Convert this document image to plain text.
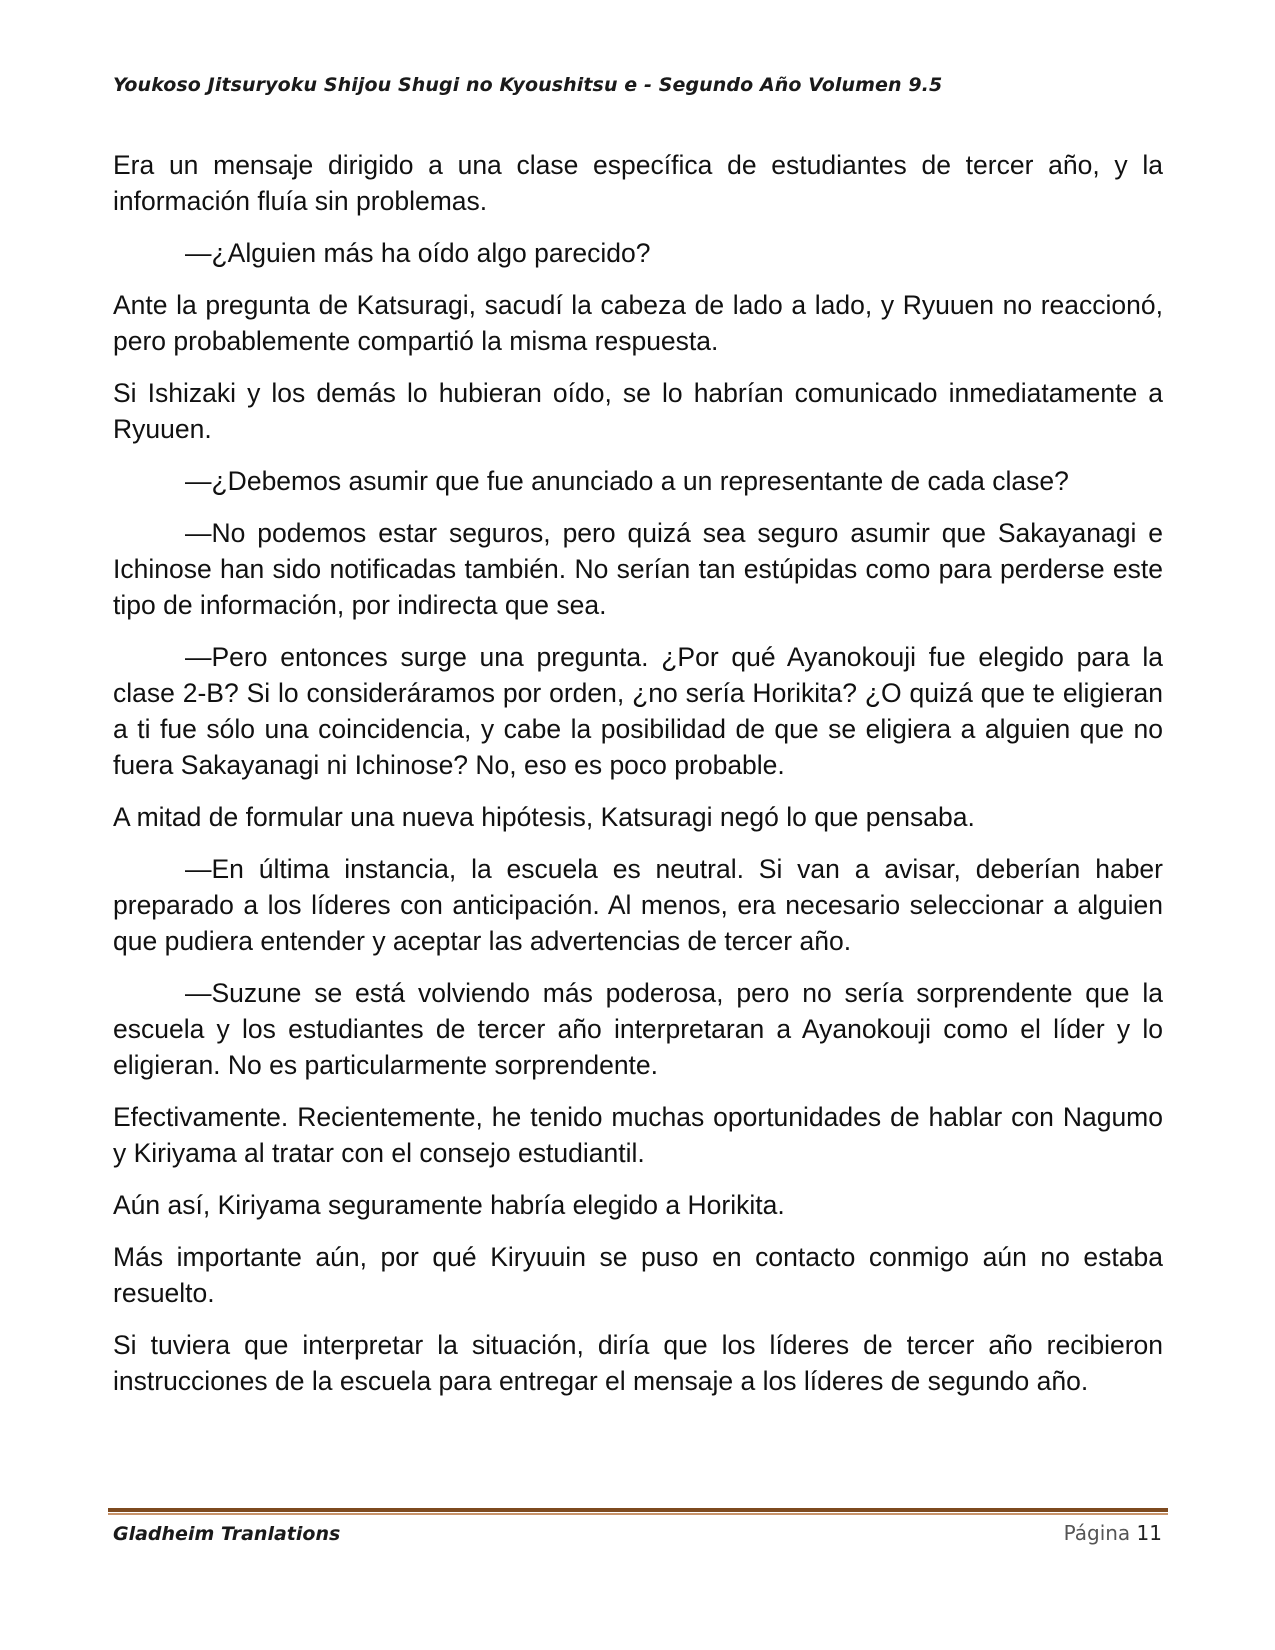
Youkoso Jitsuryoku Shijou Shugi no Kyoushitsu e - Segundo Año Volumen 9.5

Era un mensaje dirigido a una clase específica de estudiantes de tercer año, y la información fluía sin problemas.

—¿Alguien más ha oído algo parecido?

Ante la pregunta de Katsuragi, sacudí la cabeza de lado a lado, y Ryuuen no reaccionó, pero probablemente compartió la misma respuesta.

Si Ishizaki y los demás lo hubieran oído, se lo habrían comunicado inmediatamente a Ryuuen.

—¿Debemos asumir que fue anunciado a un representante de cada clase?

—No podemos estar seguros, pero quizá sea seguro asumir que Sakayanagi e Ichinose han sido notificadas también. No serían tan estúpidas como para perderse este tipo de información, por indirecta que sea.

—Pero entonces surge una pregunta. ¿Por qué Ayanokouji fue elegido para la clase 2-B? Si lo consideráramos por orden, ¿no sería Horikita? ¿O quizá que te eligieran a ti fue sólo una coincidencia, y cabe la posibilidad de que se eligiera a alguien que no fuera Sakayanagi ni Ichinose? No, eso es poco probable.

A mitad de formular una nueva hipótesis, Katsuragi negó lo que pensaba.

—En última instancia, la escuela es neutral. Si van a avisar, deberían haber preparado a los líderes con anticipación. Al menos, era necesario seleccionar a alguien que pudiera entender y aceptar las advertencias de tercer año.

—Suzune se está volviendo más poderosa, pero no sería sorprendente que la escuela y los estudiantes de tercer año interpretaran a Ayanokouji como el líder y lo eligieran. No es particularmente sorprendente.

Efectivamente. Recientemente, he tenido muchas oportunidades de hablar con Nagumo y Kiriyama al tratar con el consejo estudiantil.

Aún así, Kiriyama seguramente habría elegido a Horikita.

Más importante aún, por qué Kiryuuin se puso en contacto conmigo aún no estaba resuelto.

Si tuviera que interpretar la situación, diría que los líderes de tercer año recibieron instrucciones de la escuela para entregar el mensaje a los líderes de segundo año.

Gladheim Tranlations	Página 11
